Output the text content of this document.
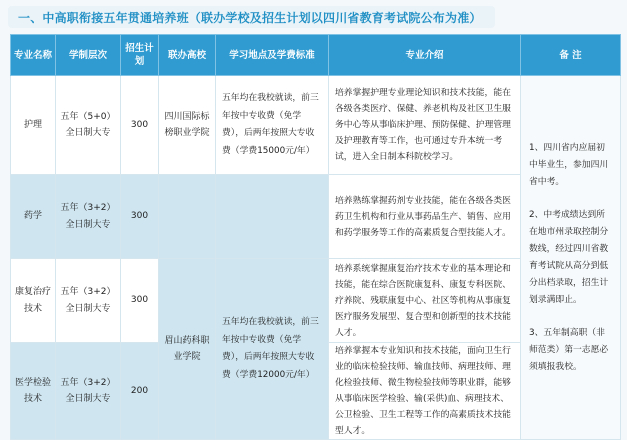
一、中高职衔接五年贯通培养班（联办学校及招生计划以四川省教育考试院公布为准）
专业名称	学制层次	招生计划	联办高校	学习地点及学费标准	专业介绍	备 注
护理	五年（5+0）全日制大专	300	四川国际标榜职业学院	五年均在我校就读，前三年按中专收费（免学费），后两年按照大专收费（学费15000元/年）	培养掌握护理专业理论知识和技术技能，能在各级各类医疗、保健、养老机构及社区卫生服务中心等从事临床护理、预防保健、护理管理及护理教育等工作，也可通过专升本统一考试，进入全日制本科院校学习。	1、四川省内应届初中毕业生，参加四川省中考。

2、中考成绩达到所在地市州录取控制分数线，经过四川省教育考试院从高分到低分出档录取，招生计划录满即止。

3、五年制高职（非师范类）第一志愿必须填报我校。

药学	五年（3+2）全日制大专	300			培养熟练掌握药剂专业技能，能在各级各类医药卫生机构和行业从事药品生产、销售、应用和药学服务等工作的高素质复合型技能人才。	
康复治疗技术	五年（3+2）全日制大专	300	眉山药科职业学院	五年均在我校就读，前三年按中专收费（免学费），后两年按照大专收费（学费12000元/年）	培养系统掌握康复治疗技术专业的基本理论和技能，能在综合医院康复科、康复专科医院、疗养院、残联康复中心、社区等机构从事康复医疗服务发展型、复合型和创新型的技术技能人才。	
医学检验技术	五年（3+2）全日制大专	200			培养掌握本专业知识和技术技能，面向卫生行业的临床检验技师、输血技师、病理技师、理化检验技师、微生物检验技师等职业群，能够从事临床医学检验、输(采供)血、病理技术、公卫检验、卫生工程等工作的高素质技术技能型人才。	
